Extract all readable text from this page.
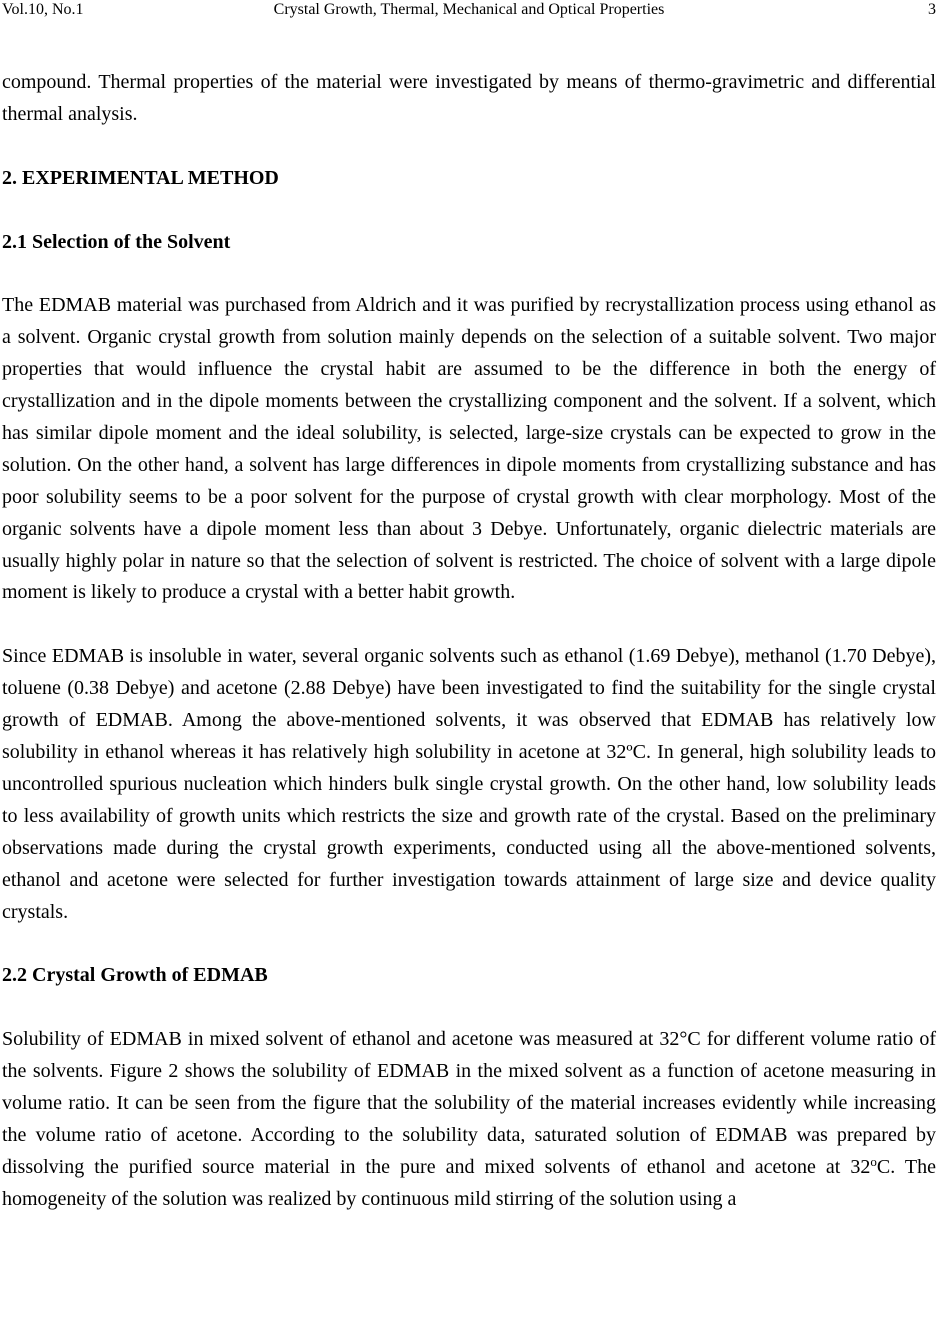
Vol.10, No.1	Crystal Growth, Thermal, Mechanical and Optical Properties	3

compound. Thermal properties of the material were investigated by means of thermo-gravimetric and differential thermal analysis.

2. EXPERIMENTAL METHOD
2.1 Selection of the Solvent

The EDMAB material was purchased from Aldrich and it was purified by recrystallization process using ethanol as a solvent. Organic crystal growth from solution mainly depends on the selection of a suitable solvent. Two major properties that would influence the crystal habit are assumed to be the difference in both the energy of crystallization and in the dipole moments between the crystallizing component and the solvent. If a solvent, which has similar dipole moment and the ideal solubility, is selected, large-size crystals can be expected to grow in the solution. On the other hand, a solvent has large differences in dipole moments from crystallizing substance and has poor solubility seems to be a poor solvent for the purpose of crystal growth with clear morphology. Most of the organic solvents have a dipole moment less than about 3 Debye. Unfortunately, organic dielectric materials are usually highly polar in nature so that the selection of solvent is restricted. The choice of solvent with a large dipole moment is likely to produce a crystal with a better habit growth.

Since EDMAB is insoluble in water, several organic solvents such as ethanol (1.69 Debye), methanol (1.70 Debye), toluene (0.38 Debye) and acetone (2.88 Debye) have been investigated to find the suitability for the single crystal growth of EDMAB. Among the above-mentioned solvents, it was observed that EDMAB has relatively low solubility in ethanol whereas it has relatively high solubility in acetone at 32ºC. In general, high solubility leads to uncontrolled spurious nucleation which hinders bulk single crystal growth. On the other hand, low solubility leads to less availability of growth units which restricts the size and growth rate of the crystal. Based on the preliminary observations made during the crystal growth experiments, conducted using all the above-mentioned solvents, ethanol and acetone were selected for further investigation towards attainment of large size and device quality crystals.

2.2 Crystal Growth of EDMAB

Solubility of EDMAB in mixed solvent of ethanol and acetone was measured at 32°C for different volume ratio of the solvents. Figure 2 shows the solubility of EDMAB in the mixed solvent as a function of acetone measuring in volume ratio. It can be seen from the figure that the solubility of the material increases evidently while increasing the volume ratio of acetone. According to the solubility data, saturated solution of EDMAB was prepared by dissolving the purified source material in the pure and mixed solvents of ethanol and acetone at 32$^o$C. The homogeneity of the solution was realized by continuous mild stirring of the solution using a
